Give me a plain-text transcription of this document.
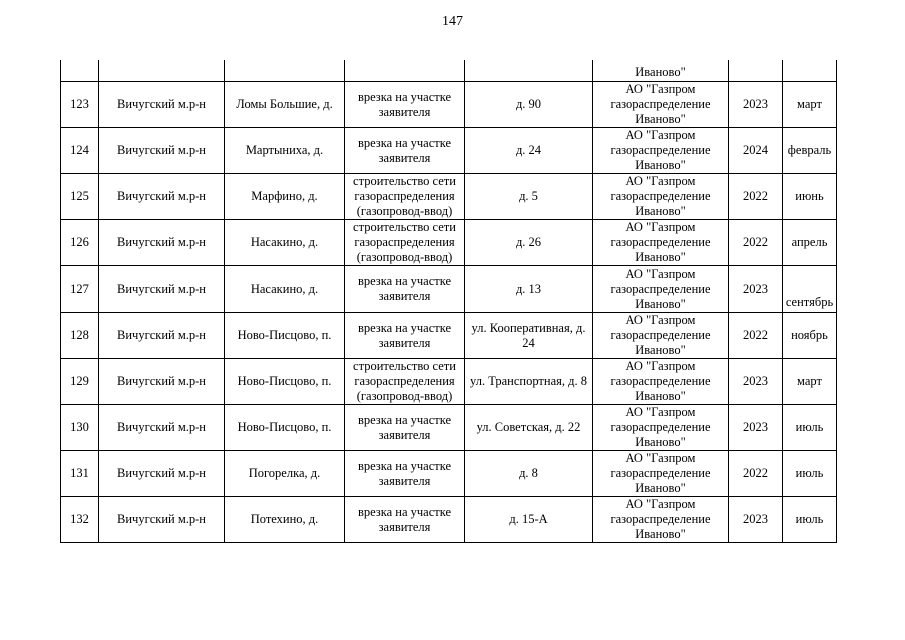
147
					Иваново"		
123	Вичугский м.р-н	Ломы Большие, д.	врезка на участке заявителя	д. 90	АО "Газпром газораспределение Иваново"	2023	март
124	Вичугский м.р-н	Мартыниха, д.	врезка на участке заявителя	д. 24	АО "Газпром газораспределение Иваново"	2024	февраль
125	Вичугский м.р-н	Марфино, д.	строительство сети газораспределения (газопровод-ввод)	д. 5	АО "Газпром газораспределение Иваново"	2022	июнь
126	Вичугский м.р-н	Насакино, д.	строительство сети газораспределения (газопровод-ввод)	д. 26	АО "Газпром газораспределение Иваново"	2022	апрель
127	Вичугский м.р-н	Насакино, д.	врезка на участке заявителя	д. 13	АО "Газпром газораспределение Иваново"	2023	сентябрь
128	Вичугский м.р-н	Ново-Писцово, п.	врезка на участке заявителя	ул. Кооперативная, д. 24	АО "Газпром газораспределение Иваново"	2022	ноябрь
129	Вичугский м.р-н	Ново-Писцово, п.	строительство сети газораспределения (газопровод-ввод)	ул. Транспортная, д. 8	АО "Газпром газораспределение Иваново"	2023	март
130	Вичугский м.р-н	Ново-Писцово, п.	врезка на участке заявителя	ул. Советская, д. 22	АО "Газпром газораспределение Иваново"	2023	июль
131	Вичугский м.р-н	Погорелка, д.	врезка на участке заявителя	д. 8	АО "Газпром газораспределение Иваново"	2022	июль
132	Вичугский м.р-н	Потехино, д.	врезка на участке заявителя	д. 15-А	АО "Газпром газораспределение Иваново"	2023	июль
